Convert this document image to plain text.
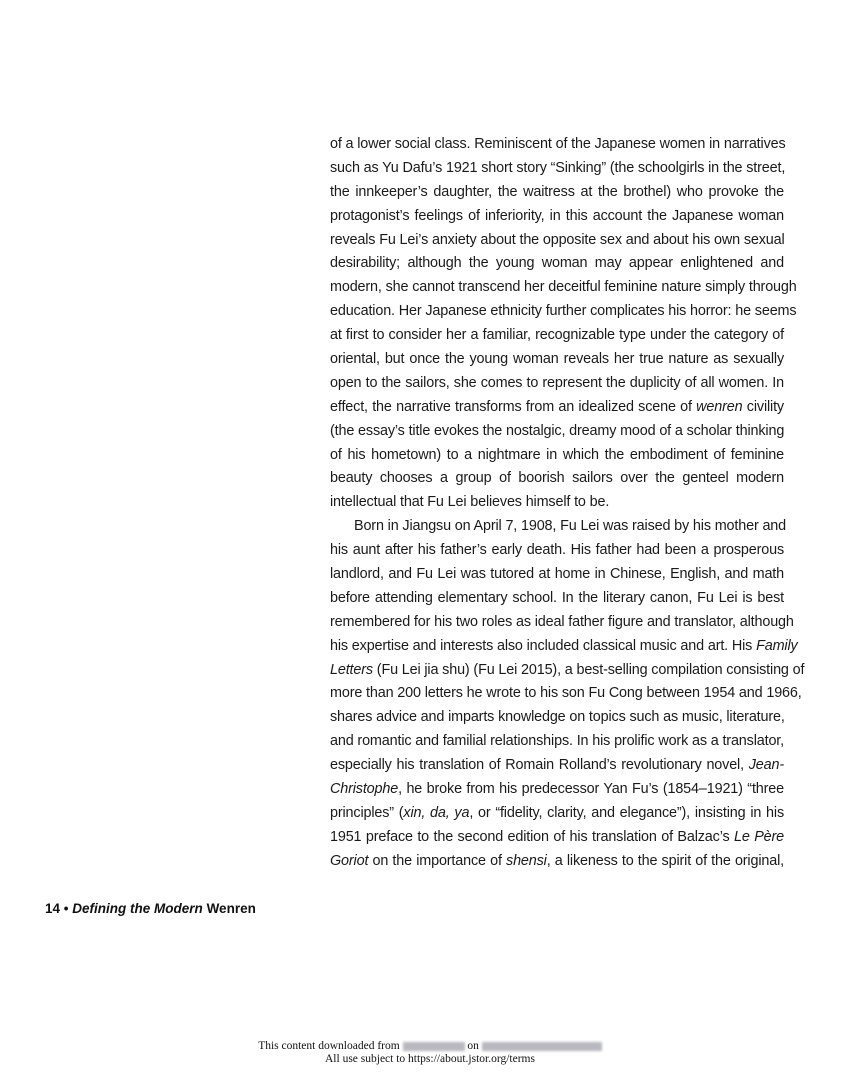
of a lower social class. Reminiscent of the Japanese women in narratives
such as Yu Dafu’s 1921 short story “Sinking” (the schoolgirls in the street,
the innkeeper’s daughter, the waitress at the brothel) who provoke the
protagonist’s feelings of inferiority, in this account the Japanese woman
reveals Fu Lei’s anxiety about the opposite sex and about his own sexual
desirability; although the young woman may appear enlightened and
modern, she cannot transcend her deceitful feminine nature simply through
education. Her Japanese ethnicity further complicates his horror: he seems
at first to consider her a familiar, recognizable type under the category of
oriental, but once the young woman reveals her true nature as sexually
open to the sailors, she comes to represent the duplicity of all women. In
effect, the narrative transforms from an idealized scene of wenren civility
(the essay’s title evokes the nostalgic, dreamy mood of a scholar thinking
of his hometown) to a nightmare in which the embodiment of feminine
beauty chooses a group of boorish sailors over the genteel modern
intellectual that Fu Lei believes himself to be.
Born in Jiangsu on April 7, 1908, Fu Lei was raised by his mother and
his aunt after his father’s early death. His father had been a prosperous
landlord, and Fu Lei was tutored at home in Chinese, English, and math
before attending elementary school. In the literary canon, Fu Lei is best
remembered for his two roles as ideal father figure and translator, although
his expertise and interests also included classical music and art. His Family
Letters (Fu Lei jia shu) (Fu Lei 2015), a best-selling compilation consisting of
more than 200 letters he wrote to his son Fu Cong between 1954 and 1966,
shares advice and imparts knowledge on topics such as music, literature,
and romantic and familial relationships. In his prolific work as a translator,
especially his translation of Romain Rolland’s revolutionary novel, Jean-
Christophe, he broke from his predecessor Yan Fu’s (1854–1921) “three
principles” (xin, da, ya, or “fidelity, clarity, and elegance”), insisting in his
1951 preface to the second edition of his translation of Balzac’s Le Père
Goriot on the importance of shensi, a likeness to the spirit of the original,
14 • Defining the Modern Wenren
This content downloaded from	on
All use subject to https://about.jstor.org/terms
